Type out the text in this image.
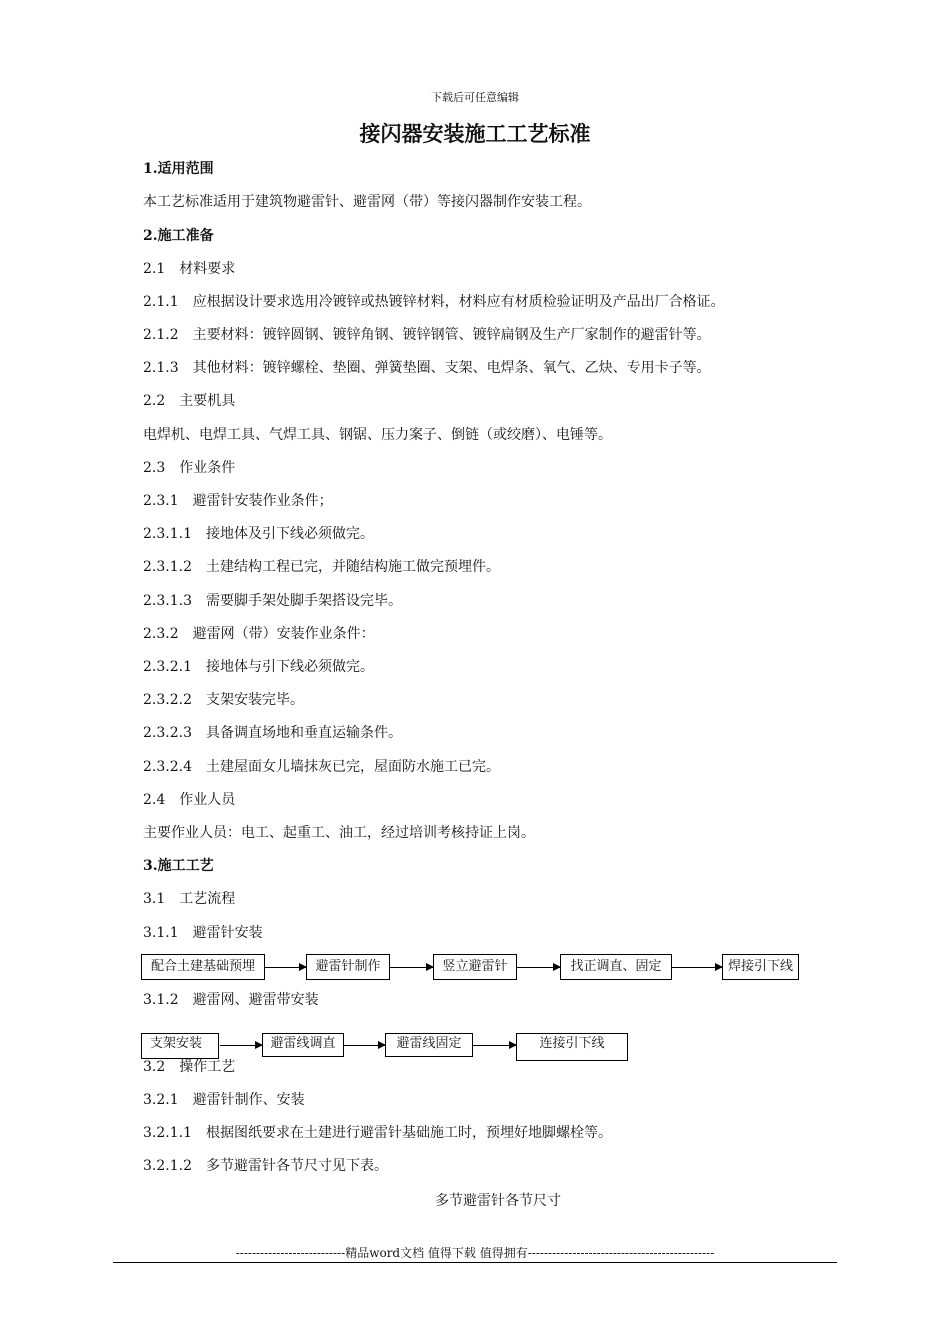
下载后可任意编辑
接闪器安装施工工艺标准
1.适用范围
本工艺标准适用于建筑物避雷针、避雷网（带）等接闪器制作安装工程。
2.施工准备
2.1　材料要求
2.1.1　应根据设计要求选用冷镀锌或热镀锌材料，材料应有材质检验证明及产品出厂合格证。
2.1.2　主要材料：镀锌圆钢、镀锌角钢、镀锌钢管、镀锌扁钢及生产厂家制作的避雷针等。
2.1.3　其他材料：镀锌螺栓、垫圈、弹簧垫圈、支架、电焊条、氧气、乙炔、专用卡子等。
2.2　主要机具
电焊机、电焊工具、气焊工具、钢锯、压力案子、倒链（或绞磨）、电锤等。
2.3　作业条件
2.3.1　避雷针安装作业条件；
2.3.1.1　接地体及引下线必须做完。
2.3.1.2　土建结构工程已完，并随结构施工做完预埋件。
2.3.1.3　需要脚手架处脚手架搭设完毕。
2.3.2　避雷网（带）安装作业条件：
2.3.2.1　接地体与引下线必须做完。
2.3.2.2　支架安装完毕。
2.3.2.3　具备调直场地和垂直运输条件。
2.3.2.4　土建屋面女儿墙抹灰已完，屋面防水施工已完。
2.4　作业人员
主要作业人员：电工、起重工、油工，经过培训考核持证上岗。
3.施工工艺
3.1　工艺流程
3.1.1　避雷针安装
配合土建基础预埋	避雷针制作	竖立避雷针	找正调直、固定	焊接引下线
3.1.2　避雷网、避雷带安装
支架安装	避雷线调直	避雷线固定	连接引下线
3.2　操作工艺
3.2.1　避雷针制作、安装
3.2.1.1　根据图纸要求在土建进行避雷针基础施工时，预埋好地脚螺栓等。
3.2.1.2　多节避雷针各节尺寸见下表。
多节避雷针各节尺寸
---------------------------精品word文档 值得下载 值得拥有----------------------------------------------
